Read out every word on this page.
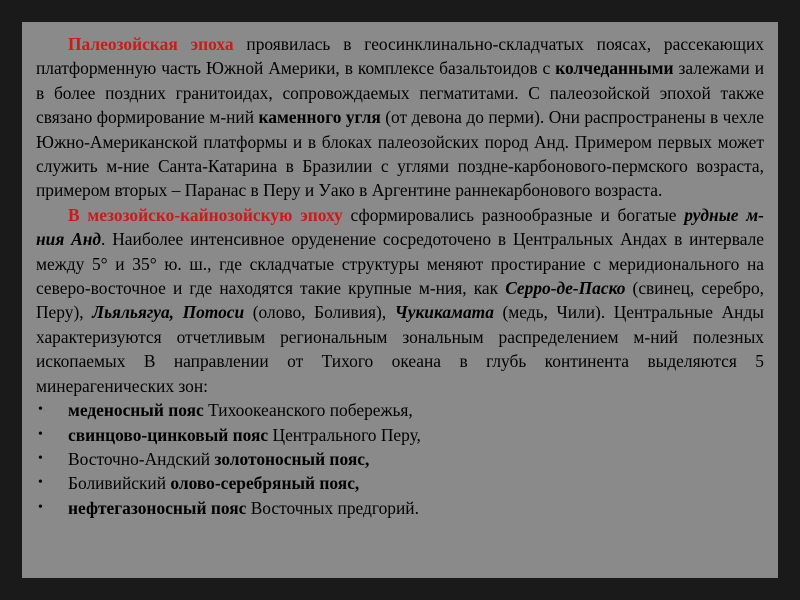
Палеозойская эпоха проявилась в геосинклинально-складчатых поясах, рассекающих платформенную часть Южной Америки, в комплексе базальтоидов с колчеданными залежами и в более поздних гранитоидах, сопровождаемых пегматитами. С палеозойской эпохой также связано формирование м-ний каменного угля (от девона до перми). Они распространены в чехле Южно-Американской платформы и в блоках палеозойских пород Анд. Примером первых может служить м-ние Санта-Катарина в Бразилии с углями поздне-карбонового-пермского возраста, примером вторых – Паранас в Перу и Уако в Аргентине раннекарбонового возраста.

В мезозойско-кайнозойскую эпоху сформировались разнообразные и богатые рудные м-ния Анд. Наиболее интенсивное оруденение сосредоточено в Центральных Андах в интервале между 5° и 35° ю. ш., где складчатые структуры меняют простирание с меридионального на северо-восточное и где находятся такие крупные м-ния, как Серро-де-Паско (свинец, серебро, Перу), Льяльягуа, Потоси (олово, Боливия), Чукикамата (медь, Чили). Центральные Анды характеризуются отчетливым региональным зональным распределением м-ний полезных ископаемых В направлении от Тихого океана в глубь континента выделяются 5 минерагенических зон:

• меденосный пояс Тихоокеанского побережья,
• свинцово-цинковый пояс Центрального Перу,
• Восточно-Андский золотоносный пояс,
• Боливийский олово-серебряный пояс,
• нефтегазоносный пояс Восточных предгорий.
